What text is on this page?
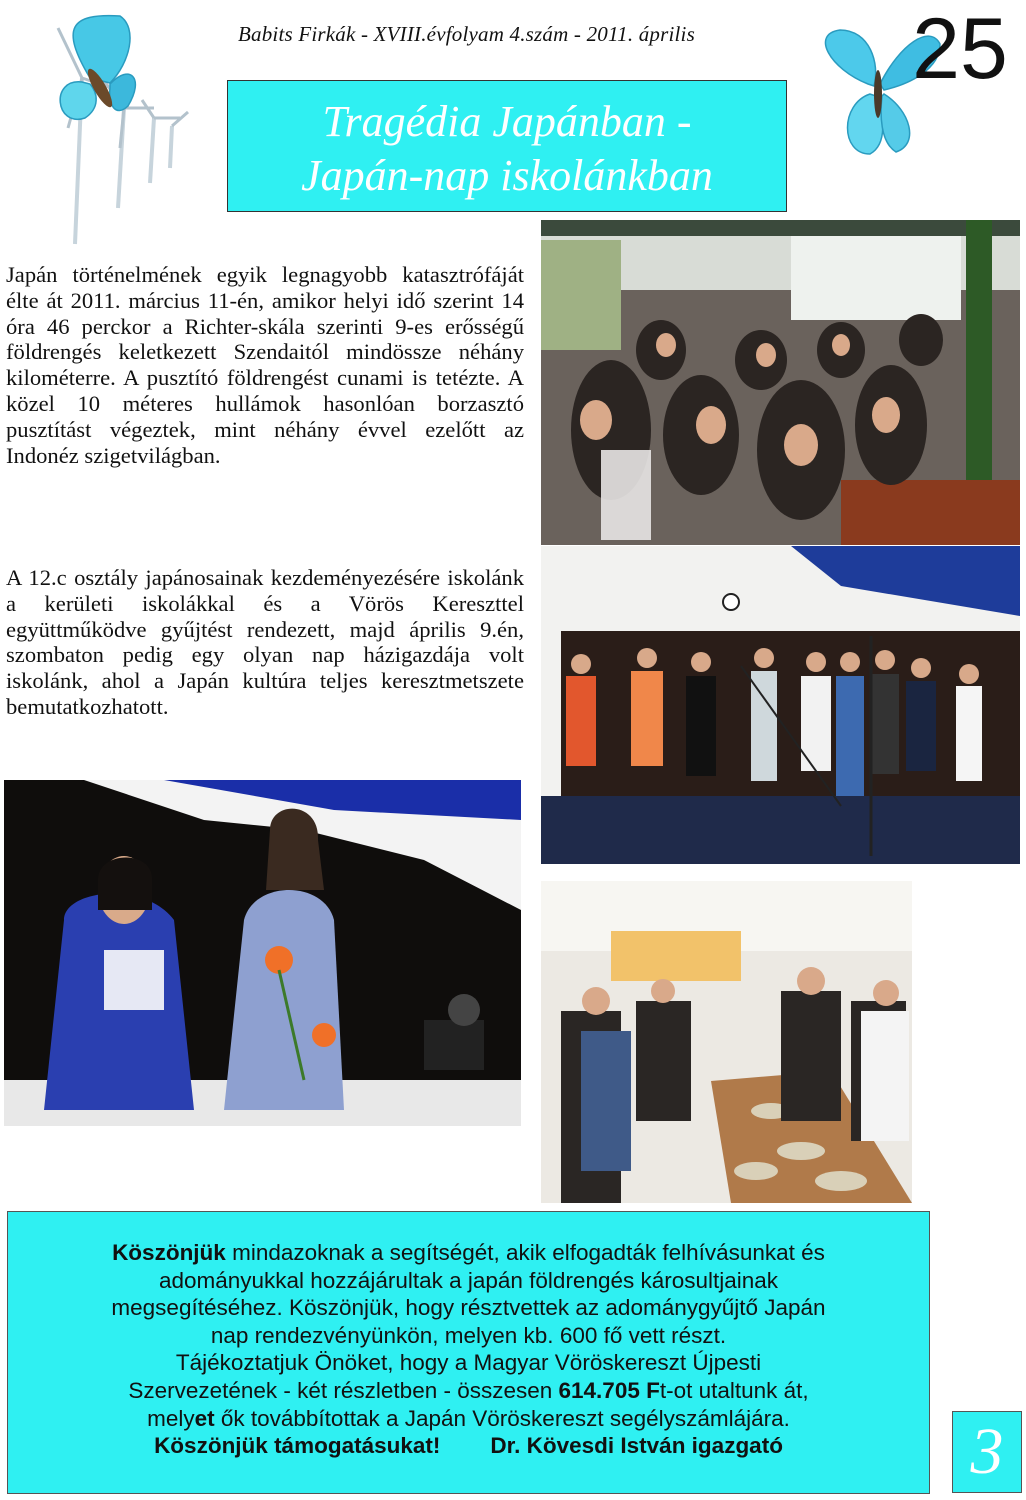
Babits Firkák - XVIII.évfolyam 4.szám - 2011. április	25
Tragédia Japánban -
Japán-nap iskolánkban
Japán történelmének egyik legnagyobb katasztrófáját élte át 2011. március 11-én, amikor helyi idő szerint 14 óra 46 perckor a Richter-skála szerinti 9-es erősségű földrengés keletkezett Szendaitól mindössze néhány kilométerre. A pusztító földrengést cunami is tetézte. A közel 10 méteres hullámok hasonlóan borzasztó pusztítást végeztek, mint néhány évvel ezelőtt az Indonéz szigetvilágban.
A 12.c osztály japánosainak kezdeményezésére iskolánk a kerületi iskolákkal és a Vörös Kereszttel együttműködve gyűjtést rendezett, majd április 9.én, szombaton pedig egy olyan nap házigazdája volt iskolánk, ahol a Japán kultúra teljes keresztmetszete bemutatkozhatott.
Köszönjük mindazoknak a segítségét, akik elfogadták felhívásunkat és
adományukkal hozzájárultak a japán földrengés károsultjainak
megsegítéséhez. Köszönjük, hogy résztvettek az adománygyűjtő Japán
nap rendezvényünkön, melyen kb. 600 fő vett részt.
Tájékoztatjuk Önöket, hogy a Magyar Vöröskereszt Újpesti
Szervezetének - két részletben - összesen 614.705 Ft-ot utaltunk át,
melyet ők továbbítottak a Japán Vöröskereszt segélyszámlájára.
Köszönjük támogatásukat! Dr. Kövesdi István igazgató	3
